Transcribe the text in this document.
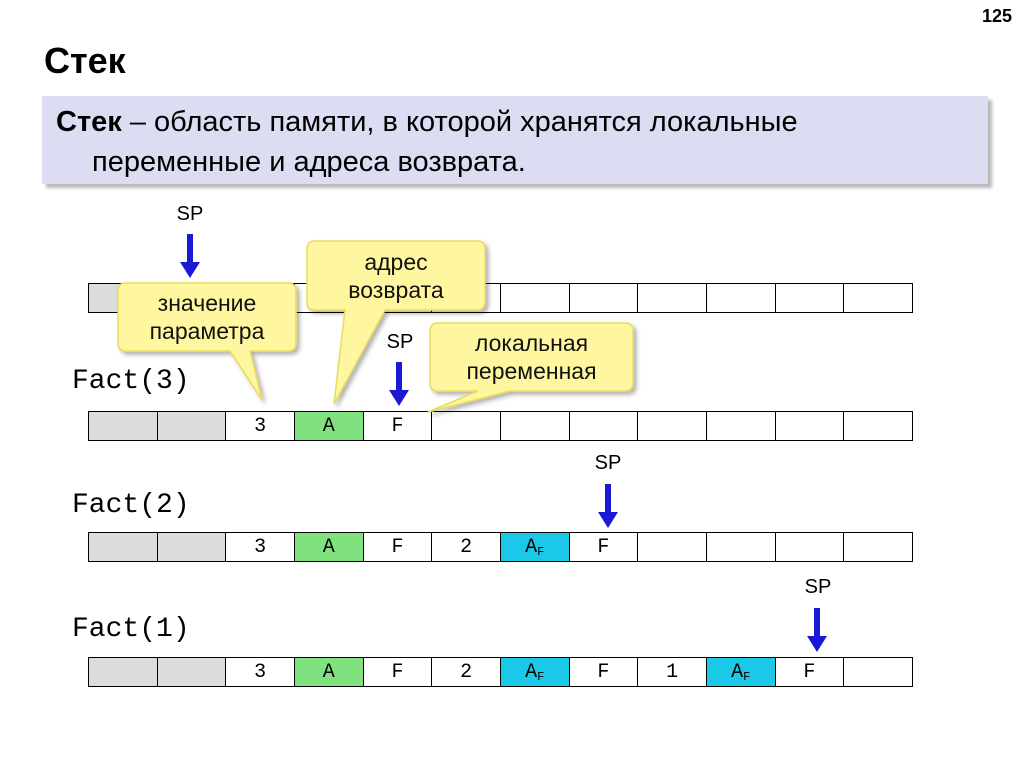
125
Стек
Стек – область памяти, в которой хранятся локальные
переменные и адреса возврата.
Fact(3)
3	A	F
Fact(2)
3	A	F	2	$A_F$	F
Fact(1)
3	A	F	2	$A_F$	F	1	$A_F$	F
SP
SP
SP
SP
значение
параметра
адрес
возврата
локальная
переменная
